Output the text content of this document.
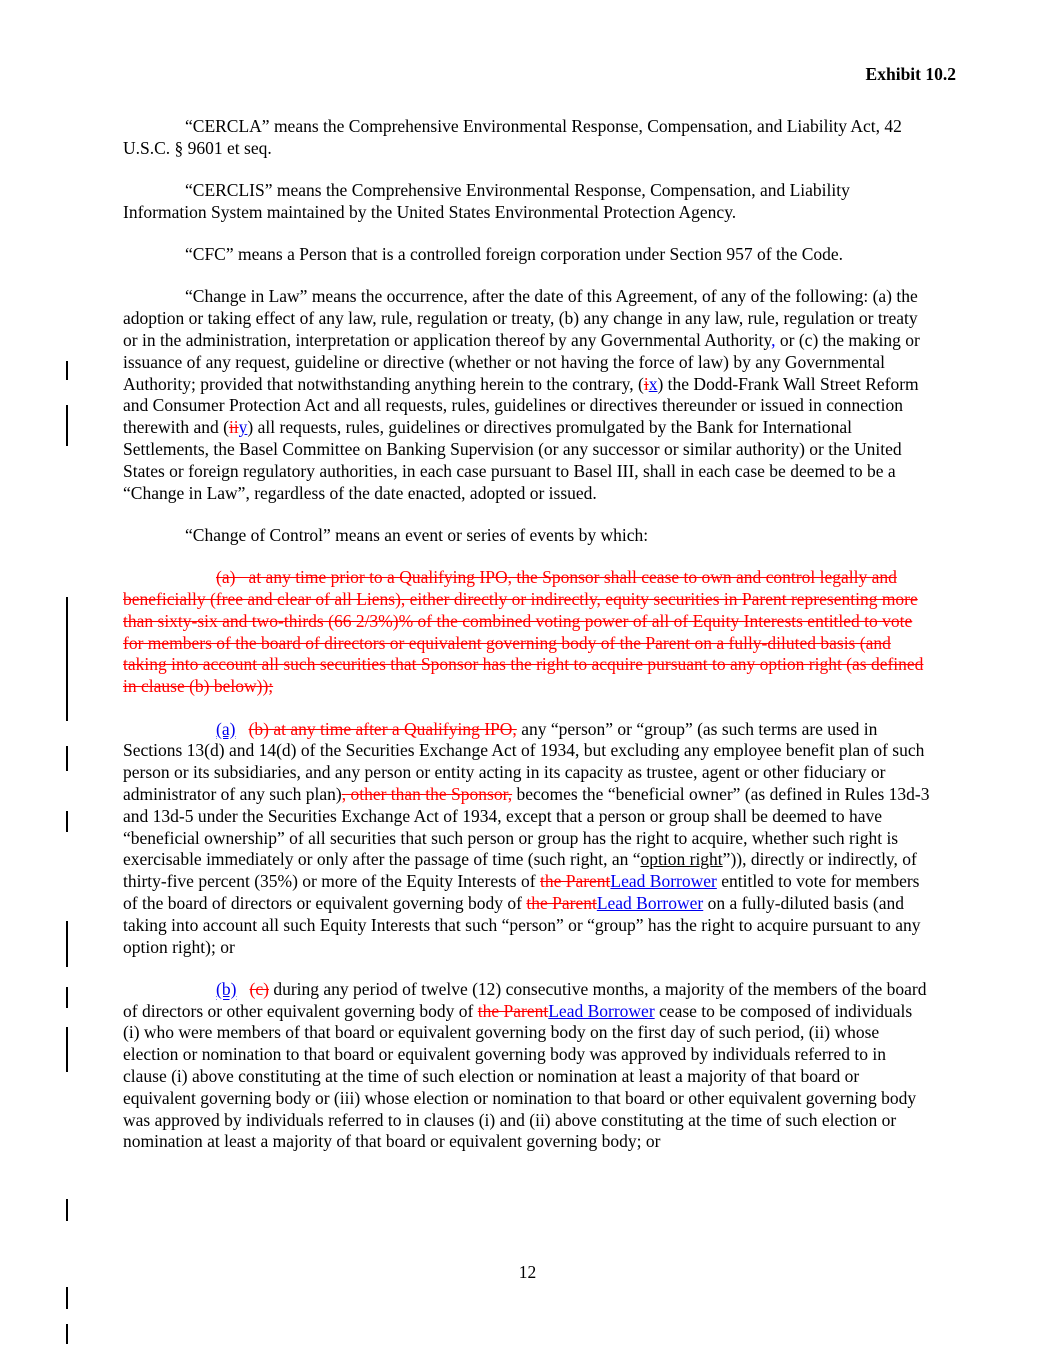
Exhibit 10.2

“CERCLA” means the Comprehensive Environmental Response, Compensation, and Liability Act, 42 U.S.C. § 9601 et seq.

“CERCLIS” means the Comprehensive Environmental Response, Compensation, and Liability Information System maintained by the United States Environmental Protection Agency.

“CFC” means a Person that is a controlled foreign corporation under Section 957 of the Code.

“Change in Law” means the occurrence, after the date of this Agreement, of any of the following: (a) the adoption or taking effect of any law, rule, regulation or treaty, (b) any change in any law, rule, regulation or treaty or in the administration, interpretation or application thereof by any Governmental Authority, or (c) the making or issuance of any request, guideline or directive (whether or not having the force of law) by any Governmental Authority; provided that notwithstanding anything herein to the contrary, (ix) the Dodd-Frank Wall Street Reform and Consumer Protection Act and all requests, rules, guidelines or directives thereunder or issued in connection therewith and (iiy) all requests, rules, guidelines or directives promulgated by the Bank for International Settlements, the Basel Committee on Banking Supervision (or any successor or similar authority) or the United States or foreign regulatory authorities, in each case pursuant to Basel III, shall in each case be deemed to be a “Change in Law”, regardless of the date enacted, adopted or issued.

“Change of Control” means an event or series of events by which:

(a)   at any time prior to a Qualifying IPO, the Sponsor shall cease to own and control legally and beneficially (free and clear of all Liens), either directly or indirectly, equity securities in Parent representing more than sixty-six and two-thirds (66 2/3%)% of the combined voting power of all of Equity Interests entitled to vote for members of the board of directors or equivalent governing body of the Parent on a fully-diluted basis (and taking into account all such securities that Sponsor has the right to acquire pursuant to any option right (as defined in clause (b) below));

(a) (b) at any time after a Qualifying IPO, any “person” or “group” (as such terms are used in Sections 13(d) and 14(d) of the Securities Exchange Act of 1934, but excluding any employee benefit plan of such person or its subsidiaries, and any person or entity acting in its capacity as trustee, agent or other fiduciary or administrator of any such plan), other than the Sponsor, becomes the “beneficial owner” (as defined in Rules 13d-3 and 13d-5 under the Securities Exchange Act of 1934, except that a person or group shall be deemed to have “beneficial ownership” of all securities that such person or group has the right to acquire, whether such right is exercisable immediately or only after the passage of time (such right, an “option right”)), directly or indirectly, of  thirty-five percent (35%) or more of the Equity Interests of the ParentLead Borrower entitled to vote for members of the board of directors or equivalent governing body of the ParentLead Borrower on a fully-diluted basis (and taking into account all such Equity Interests that such “person” or “group” has the right to acquire pursuant to any option right); or

(b) (c) during any period of twelve (12) consecutive months, a majority of the members of the board of directors or other equivalent governing body of the ParentLead Borrower cease to be composed of individuals (i) who were members of that board or equivalent governing body on the first day of such period, (ii) whose election or nomination to that board or equivalent governing body was approved by individuals referred to in clause (i) above constituting at the time of such election or nomination at least a majority of that board or equivalent governing body or (iii) whose election or nomination to that board or other equivalent governing body was approved by individuals referred to in clauses (i) and (ii) above constituting at the time of such election or nomination at least a majority of that board or equivalent governing body; or

12
